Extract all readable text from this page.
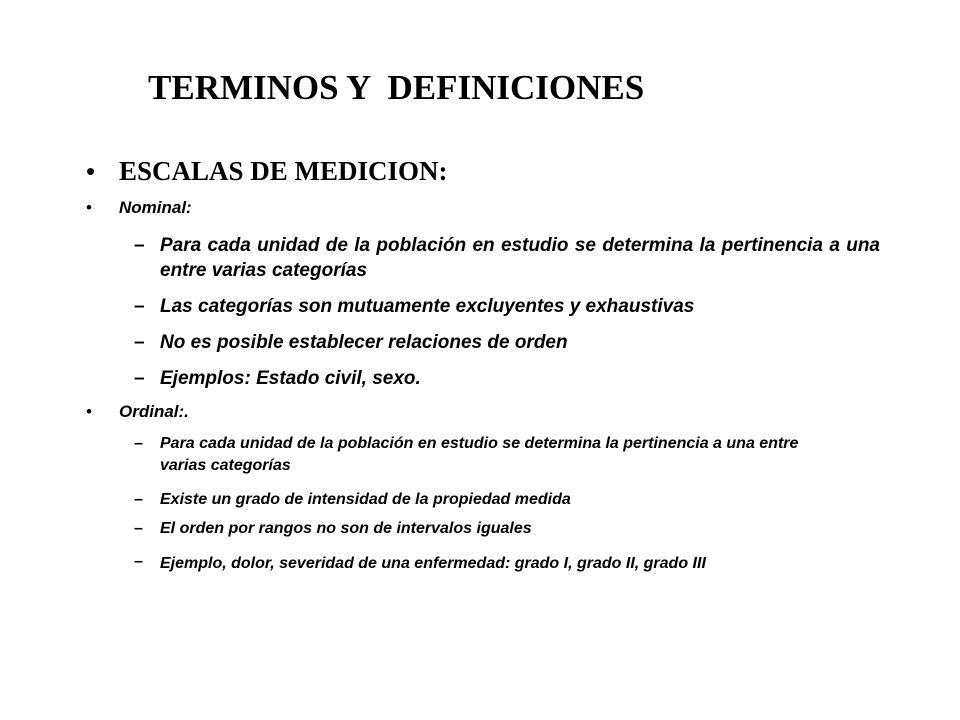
TERMINOS Y  DEFINICIONES
• ESCALAS DE MEDICION:
• Nominal:
– Para cada unidad de la población en estudio se determina la pertinencia a una entre varias categorías
– Las categorías son mutuamente excluyentes y exhaustivas
– No es posible establecer relaciones de orden
– Ejemplos: Estado civil, sexo.
• Ordinal:.
– Para cada unidad de la población en estudio se determina la pertinencia a una entre varias categorías
– Existe un grado de intensidad de la propiedad medida
– El orden por rangos no son de intervalos iguales
– Ejemplo, dolor, severidad de una enfermedad: grado I, grado II, grado III
